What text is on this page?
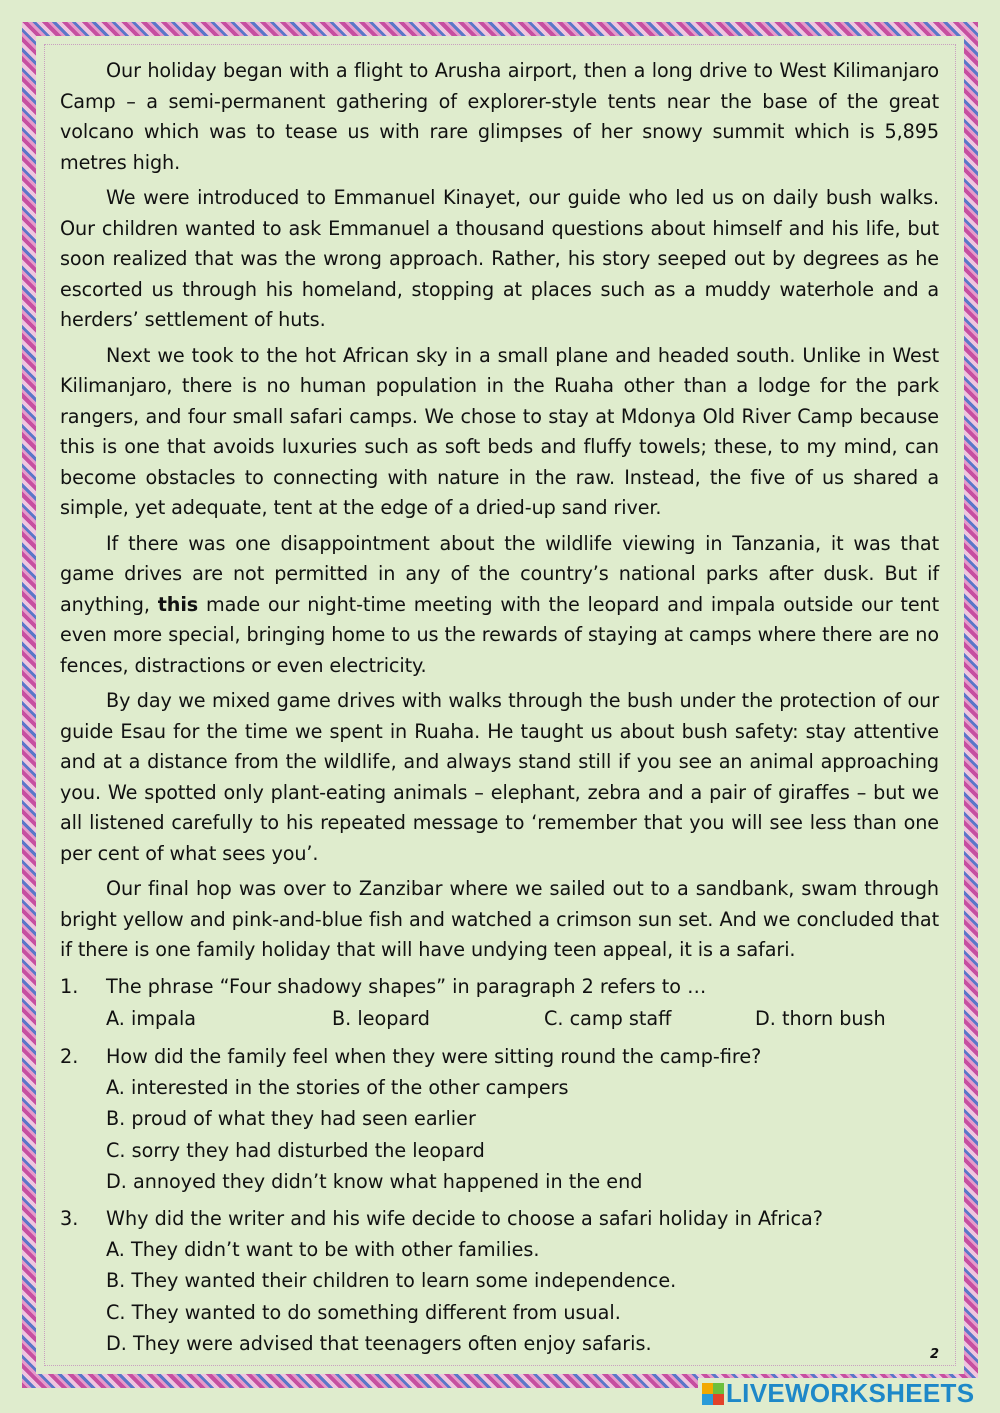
Our holiday began with a flight to Arusha airport, then a long drive to West Kilimanjaro Camp – a semi-permanent gathering of explorer-style tents near the base of the great volcano which was to tease us with rare glimpses of her snowy summit which is 5,895 metres high.

We were introduced to Emmanuel Kinayet, our guide who led us on daily bush walks. Our children wanted to ask Emmanuel a thousand questions about himself and his life, but soon realized that was the wrong approach. Rather, his story seeped out by degrees as he escorted us through his homeland, stopping at places such as a muddy waterhole and a herders’ settlement of huts.

Next we took to the hot African sky in a small plane and headed south. Unlike in West Kilimanjaro, there is no human population in the Ruaha other than a lodge for the park rangers, and four small safari camps. We chose to stay at Mdonya Old River Camp because this is one that avoids luxuries such as soft beds and fluffy towels; these, to my mind, can become obstacles to connecting with nature in the raw. Instead, the five of us shared a simple, yet adequate, tent at the edge of a dried-up sand river.

If there was one disappointment about the wildlife viewing in Tanzania, it was that game drives are not permitted in any of the country’s national parks after dusk. But if anything, this made our night-time meeting with the leopard and impala outside our tent even more special, bringing home to us the rewards of staying at camps where there are no fences, distractions or even electricity.

By day we mixed game drives with walks through the bush under the protection of our guide Esau for the time we spent in Ruaha. He taught us about bush safety: stay attentive and at a distance from the wildlife, and always stand still if you see an animal approaching you. We spotted only plant-eating animals – elephant, zebra and a pair of giraffes – but we all listened carefully to his repeated message to ‘remember that you will see less than one per cent of what sees you’.

Our final hop was over to Zanzibar where we sailed out to a sandbank, swam through bright yellow and pink-and-blue fish and watched a crimson sun set. And we concluded that if there is one family holiday that will have undying teen appeal, it is a safari.

1.	The phrase “Four shadowy shapes” in paragraph 2 refers to …
A. impala	B. leopard	C. camp staff	D. thorn bush
2.	How did the family feel when they were sitting round the camp-fire?
A. interested in the stories of the other campers
B. proud of what they had seen earlier
C. sorry they had disturbed the leopard
D. annoyed they didn’t know what happened in the end
3.	Why did the writer and his wife decide to choose a safari holiday in Africa?
A. They didn’t want to be with other families.
B. They wanted their children to learn some independence.
C. They wanted to do something different from usual.
D. They were advised that teenagers often enjoy safaris.	2
LIVEWORKSHEETS
